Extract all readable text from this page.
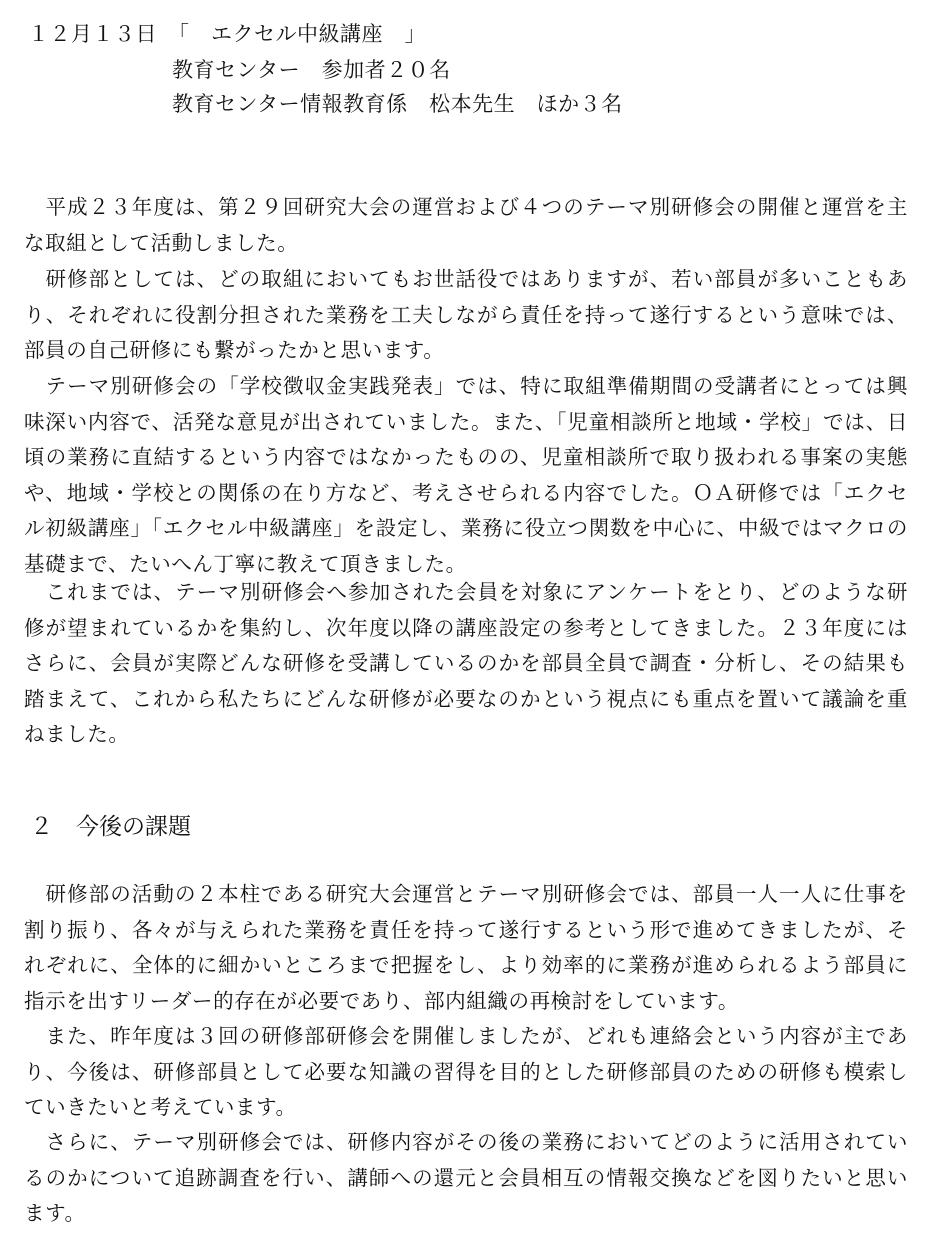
１２月１３日　「　エクセル中級講座　」
教育センター　参加者２０名
教育センター情報教育係　松本先生　ほか３名

平成２３年度は、第２９回研究大会の運営および４つのテーマ別研修会の開催と運営を主な取組として活動しました。

研修部としては、どの取組においてもお世話役ではありますが、若い部員が多いこともあり、それぞれに役割分担された業務を工夫しながら責任を持って遂行するという意味では、部員の自己研修にも繋がったかと思います。

テーマ別研修会の「学校徴収金実践発表」では、特に取組準備期間の受講者にとっては興味深い内容で、活発な意見が出されていました。また、「児童相談所と地域・学校」では、日頃の業務に直結するという内容ではなかったものの、児童相談所で取り扱われる事案の実態や、地域・学校との関係の在り方など、考えさせられる内容でした。ＯＡ研修では「エクセル初級講座」「エクセル中級講座」を設定し、業務に役立つ関数を中心に、中級ではマクロの基礎まで、たいへん丁寧に教えて頂きました。

これまでは、テーマ別研修会へ参加された会員を対象にアンケートをとり、どのような研修が望まれているかを集約し、次年度以降の講座設定の参考としてきました。２３年度にはさらに、会員が実際どんな研修を受講しているのかを部員全員で調査・分析し、その結果も踏まえて、これから私たちにどんな研修が必要なのかという視点にも重点を置いて議論を重ねました。

２ 今後の課題

研修部の活動の２本柱である研究大会運営とテーマ別研修会では、部員一人一人に仕事を割り振り、各々が与えられた業務を責任を持って遂行するという形で進めてきましたが、それぞれに、全体的に細かいところまで把握をし、より効率的に業務が進められるよう部員に指示を出すリーダー的存在が必要であり、部内組織の再検討をしています。

また、昨年度は３回の研修部研修会を開催しましたが、どれも連絡会という内容が主であり、今後は、研修部員として必要な知識の習得を目的とした研修部員のための研修も模索していきたいと考えています。

さらに、テーマ別研修会では、研修内容がその後の業務においてどのように活用されているのかについて追跡調査を行い、講師への還元と会員相互の情報交換などを図りたいと思います。
